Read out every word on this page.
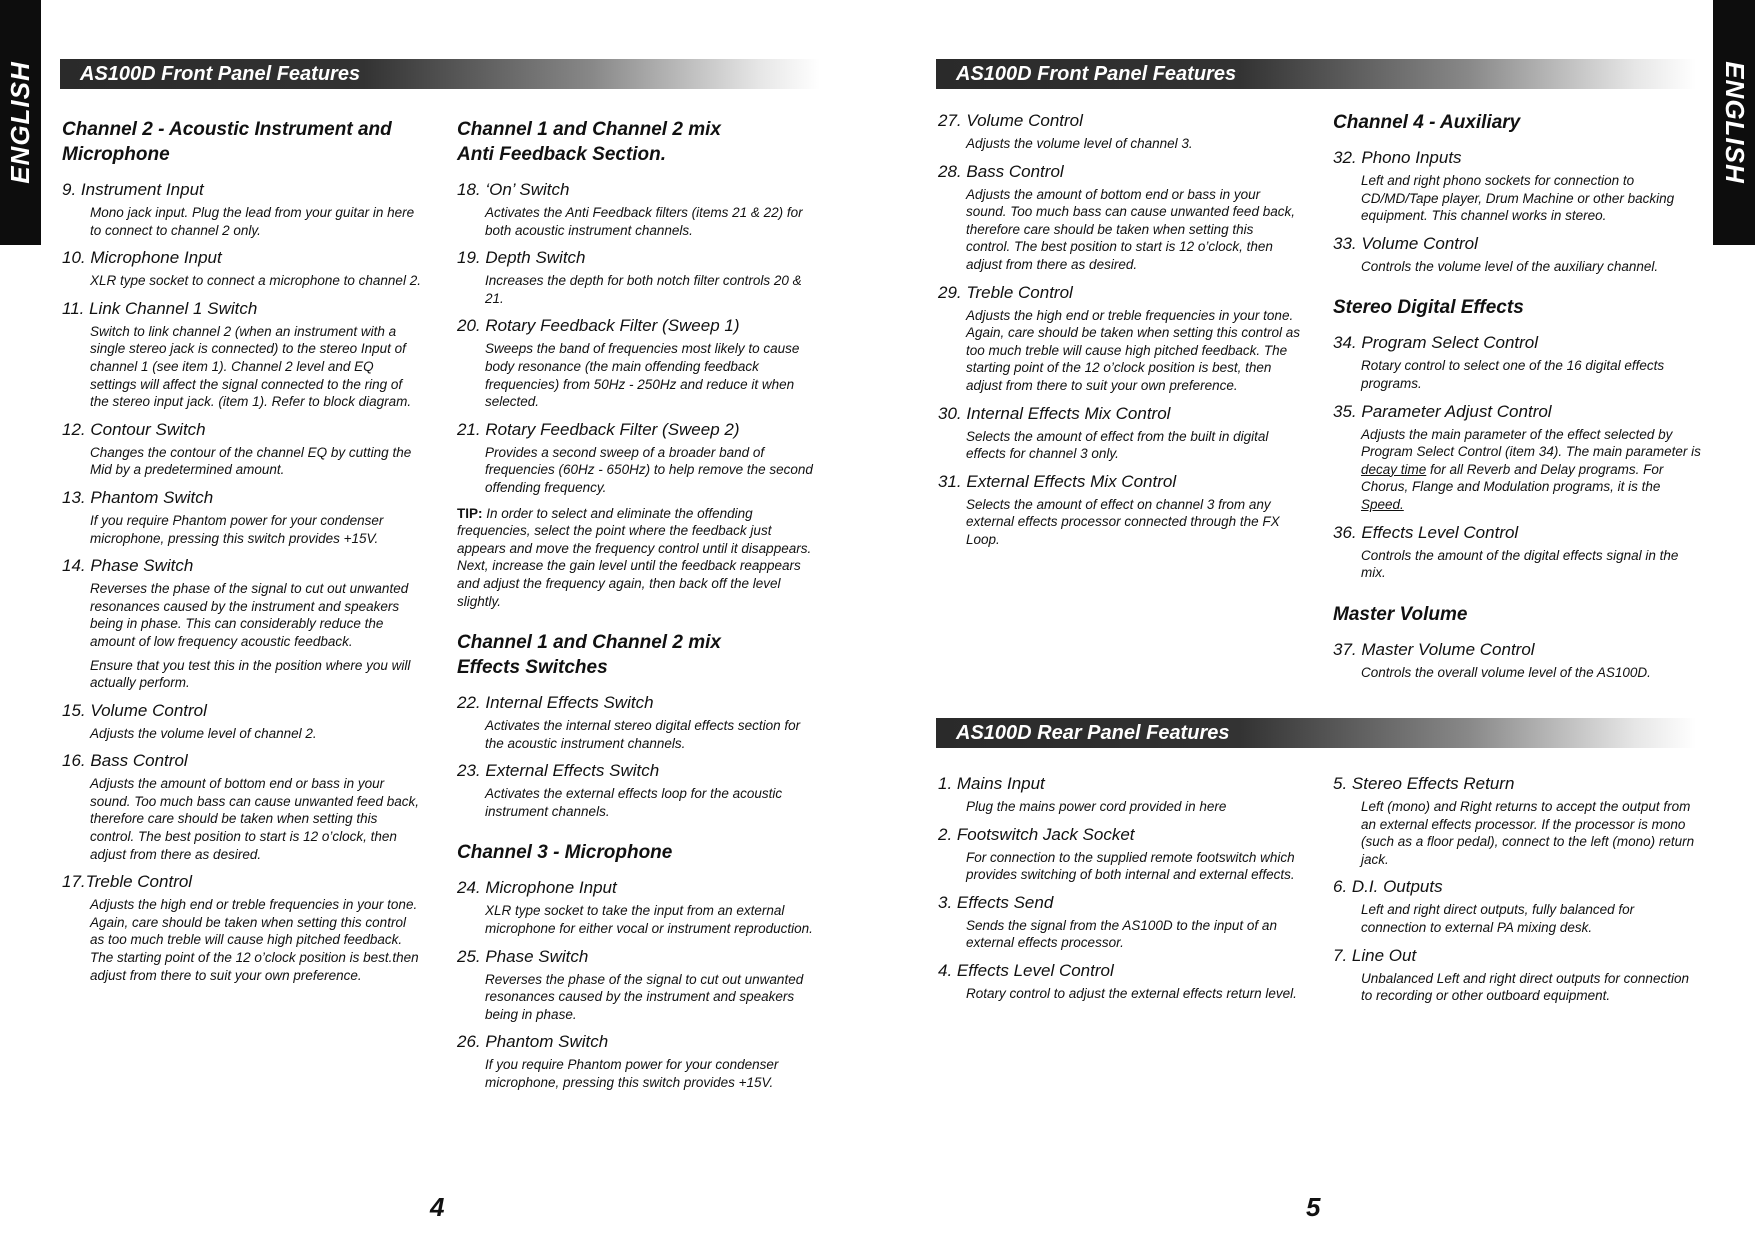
ENGLISH	ENGLISH
AS100D Front Panel Features	AS100D Front Panel Features
AS100D Rear Panel Features
Channel 2 - Acoustic Instrument and
Microphone
9. Instrument Input
Mono jack input. Plug the lead from your guitar in here to connect to channel 2 only.
10. Microphone Input
XLR type socket to connect a microphone to channel 2.
11. Link Channel 1 Switch
Switch to link channel 2 (when an instrument with a single stereo jack is connected) to the stereo Input of channel 1 (see item 1). Channel 2 level and EQ settings will affect the signal connected to the ring of the stereo input jack. (item 1). Refer to block diagram.
12. Contour Switch
Changes the contour of the channel EQ by cutting the Mid by a predetermined amount.
13. Phantom Switch
If you require Phantom power for your condenser microphone, pressing this switch provides +15V.
14. Phase Switch
Reverses the phase of the signal to cut out unwanted resonances caused by the instrument and speakers being in phase. This can considerably reduce the amount of low frequency acoustic feedback.
Ensure that you test this in the position where you will actually perform.
15. Volume Control
Adjusts the volume level of channel 2.
16. Bass Control
Adjusts the amount of bottom end or bass in your sound. Too much bass can cause unwanted feed back, therefore care should be taken when setting this control. The best position to start is 12 o’clock, then adjust from there as desired.
17.Treble Control
Adjusts the high end or treble frequencies in your tone. Again, care should be taken when setting this control as too much treble will cause high pitched feedback. The starting point of the 12 o’clock position is best.then adjust from there to suit your own preference.
Channel 1 and Channel 2 mix
Anti Feedback Section.
18. ‘On’ Switch
Activates the Anti Feedback filters (items 21 & 22) for both acoustic instrument channels.
19. Depth Switch
Increases the depth for both notch filter controls 20 & 21.
20. Rotary Feedback Filter (Sweep 1)
Sweeps the band of frequencies most likely to cause body resonance (the main offending feedback frequencies) from 50Hz - 250Hz and reduce it when selected.
21. Rotary Feedback Filter (Sweep 2)
Provides a second sweep of a broader band of frequencies (60Hz - 650Hz) to help remove the second offending frequency.
TIP: In order to select and eliminate the offending frequencies, select the point where the feedback just appears and move the frequency control until it disappears. Next, increase the gain level until the feedback reappears and adjust the frequency again, then back off the level slightly.
Channel 1 and Channel 2 mix
Effects Switches
22. Internal Effects Switch
Activates the internal stereo digital effects section for the acoustic instrument channels.
23. External Effects Switch
Activates the external effects loop for the acoustic instrument channels.
Channel 3 - Microphone
24. Microphone Input
XLR type socket to take the input from an external microphone for either vocal or instrument reproduction.
25. Phase Switch
Reverses the phase of the signal to cut out unwanted resonances caused by the instrument and speakers being in phase.
26. Phantom Switch
If you require Phantom power for your condenser microphone, pressing this switch provides +15V.
27. Volume Control
Adjusts the volume level of channel 3.
28. Bass Control
Adjusts the amount of bottom end or bass in your sound. Too much bass can cause unwanted feed back, therefore care should be taken when setting this control. The best position to start is 12 o’clock, then adjust from there as desired.
29. Treble Control
Adjusts the high end or treble frequencies in your tone. Again, care should be taken when setting this control as too much treble will cause high pitched feedback. The starting point of the 12 o’clock position is best, then adjust from there to suit your own preference.
30. Internal Effects Mix Control
Selects the amount of effect from the built in digital effects for channel 3 only.
31. External Effects Mix Control
Selects the amount of effect on channel 3 from any external effects processor connected through the FX Loop.
Channel 4 - Auxiliary
32. Phono Inputs
Left and right phono sockets for connection to CD/MD/Tape player, Drum Machine or other backing equipment. This channel works in stereo.
33. Volume Control
Controls the volume level of the auxiliary channel.
Stereo Digital Effects
34. Program Select Control
Rotary control to select one of the 16 digital effects programs.
35. Parameter Adjust Control
Adjusts the main parameter of the effect selected by Program Select Control (item 34). The main parameter is decay time for all Reverb and Delay programs. For Chorus, Flange and Modulation programs, it is the Speed.
36. Effects Level Control
Controls the amount of the digital effects signal in the mix.
Master Volume
37. Master Volume Control
Controls the overall volume level of the AS100D.
1. Mains Input
Plug the mains power cord provided in here
2. Footswitch Jack Socket
For connection to the supplied remote footswitch which provides switching of both internal and external effects.
3. Effects Send
Sends the signal from the AS100D to the input of an external effects processor.
4. Effects Level Control
Rotary control to adjust the external effects return level.
5. Stereo Effects Return
Left (mono) and Right returns to accept the output from an external effects processor. If the processor is mono (such as a floor pedal), connect to the left (mono) return jack.
6. D.I. Outputs
Left and right direct outputs, fully balanced for connection to external PA mixing desk.
7. Line Out
Unbalanced Left and right direct outputs for connection to recording or other outboard equipment.
4	5
